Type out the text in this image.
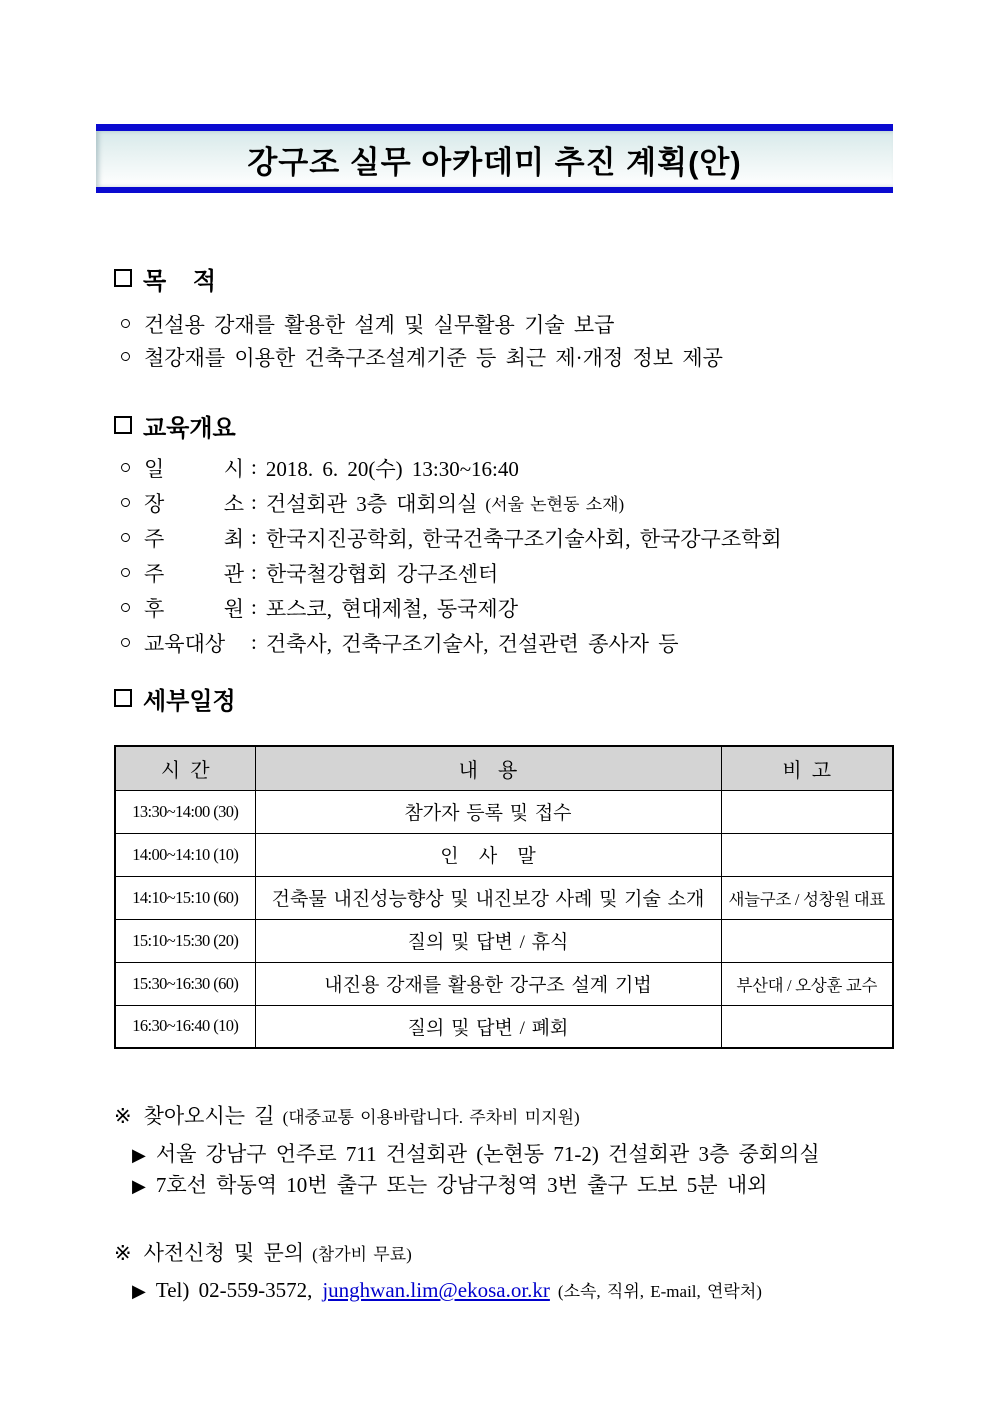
강구조 실무 아카데미 추진 계획(안)
목    적
건설용 강재를 활용한 설계 및 실무활용 기술 보급
철강재를 이용한 건축구조설계기준 등 최근 제·개정 정보 제공
교육개요
일 시 : 2018. 6. 20(수) 13:30~16:40
장 소 : 건설회관 3층 대회의실 (서울 논현동 소재)
주 최 : 한국지진공학회, 한국건축구조기술사회, 한국강구조학회
주 관 : 한국철강협회 강구조센터
후 원 : 포스코, 현대제철, 동국제강
교육대상	: 건축사, 건축구조기술사, 건설관련 종사자 등
세부일정
시  간	내    용	비  고
13:30~14:00 (30)	참가자 등록 및 접수	
14:00~14:10 (10)	인   사   말	
14:10~15:10 (60)	건축물 내진성능향상 및 내진보강 사례 및 기술 소개	새늘구조 / 성창원 대표
15:10~15:30 (20)	질의 및 답변 / 휴식	
15:30~16:30 (60)	내진용 강재를 활용한 강구조 설계 기법	부산대 / 오상훈 교수
16:30~16:40 (10)	질의 및 답변 / 폐회	
※ 찾아오시는 길 (대중교통 이용바랍니다. 주차비 미지원)
▶ 서울 강남구 언주로 711 건설회관 (논현동 71-2) 건설회관 3층 중회의실
▶ 7호선 학동역 10번 출구 또는 강남구청역 3번 출구 도보 5분 내외
※ 사전신청 및 문의 (참가비 무료)
▶ Tel) 02-559-3572, junghwan.lim@ekosa.or.kr (소속, 직위, E-mail, 연락처)
